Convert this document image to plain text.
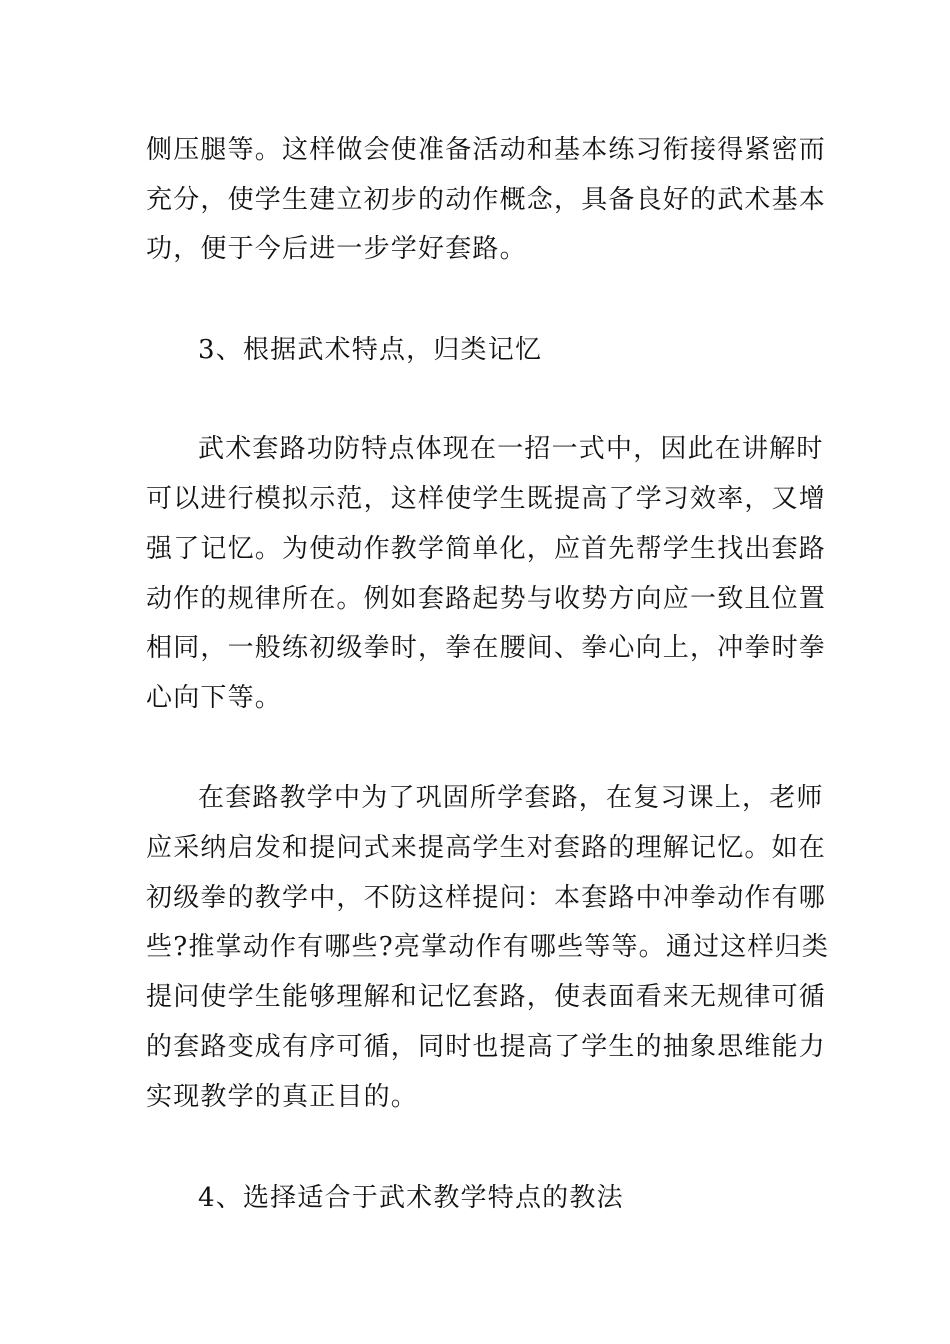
侧压腿等。这样做会使准备活动和基本练习衔接得紧密而
充分，使学生建立初步的动作概念，具备良好的武术基本
功，便于今后进一步学好套路。
3、根据武术特点，归类记忆
武术套路功防特点体现在一招一式中，因此在讲解时
可以进行模拟示范，这样使学生既提高了学习效率，又增
强了记忆。为使动作教学简单化，应首先帮学生找出套路
动作的规律所在。例如套路起势与收势方向应一致且位置
相同，一般练初级拳时，拳在腰间、拳心向上，冲拳时拳
心向下等。
在套路教学中为了巩固所学套路，在复习课上，老师
应采纳启发和提问式来提高学生对套路的理解记忆。如在
初级拳的教学中，不防这样提问：本套路中冲拳动作有哪
些?推掌动作有哪些?亮掌动作有哪些等等。通过这样归类
提问使学生能够理解和记忆套路，使表面看来无规律可循
的套路变成有序可循，同时也提高了学生的抽象思维能力
实现教学的真正目的。
4、选择适合于武术教学特点的教法
